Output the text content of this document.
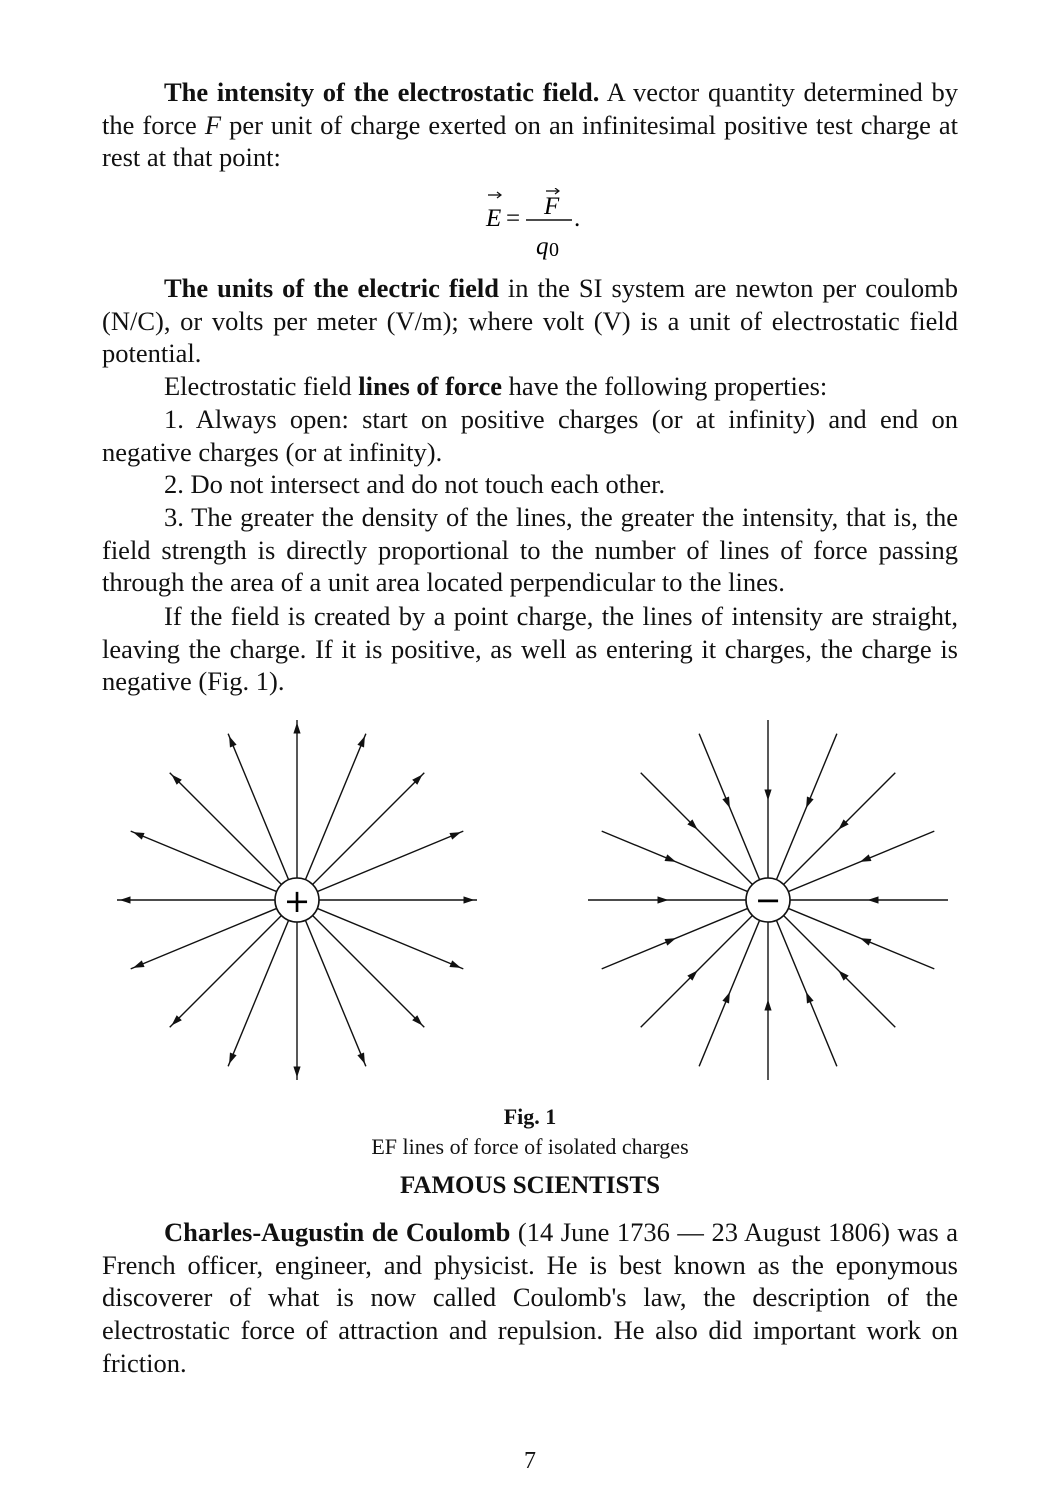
The intensity of the electrostatic field. A vector quantity determined by the force F per unit of charge exerted on an infinitesimal positive test charge at rest at that point:

E = F
q 0
.

The units of the electric field in the SI system are newton per coulomb (N/C), or volts per meter (V/m); where volt (V) is a unit of electrostatic field potential.

Electrostatic field lines of force have the following properties:

1. Always open: start on positive charges (or at infinity) and end on negative charges (or at infinity).

2. Do not intersect and do not touch each other.

3. The greater the density of the lines, the greater the intensity, that is, the field strength is directly proportional to the number of lines of force passing through the area of a unit area located perpendicular to the lines.

If the field is created by a point charge, the lines of intensity are straight, leaving the charge. If it is positive, as well as entering it charges, the charge is negative (Fig. 1).

+	−
Fig. 1
EF lines of force of isolated charges
FAMOUS SCIENTISTS

Charles-Augustin de Coulomb (14 June 1736 — 23 August 1806) was a French officer, engineer, and physicist. He is best known as the eponymous discoverer of what is now called Coulomb's law, the description of the electrostatic force of attraction and repulsion. He also did important work on friction.

7
